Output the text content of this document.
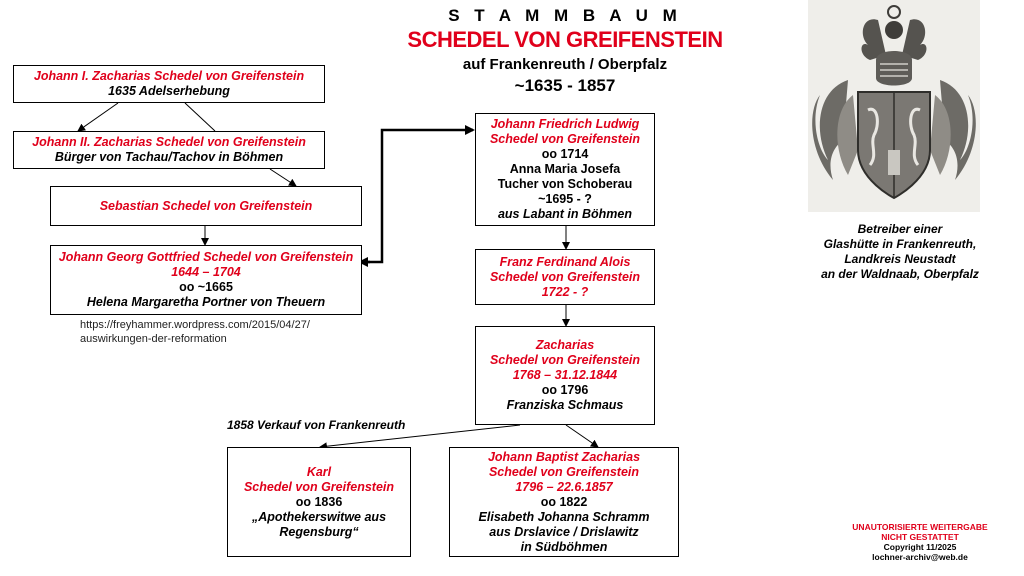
S T A M M B A U M
SCHEDEL VON GREIFENSTEIN
auf Frankenreuth / Oberpfalz
~1635 - 1857
Johann I. Zacharias Schedel von Greifenstein
1635 Adelserhebung
Johann II. Zacharias Schedel von Greifenstein
Bürger von Tachau/Tachov in Böhmen
Sebastian Schedel von Greifenstein
Johann Georg Gottfried Schedel von Greifenstein
1644 – 1704
oo ~1665
Helena Margaretha Portner von Theuern
Johann Friedrich Ludwig
Schedel von Greifenstein
oo 1714
Anna Maria Josefa
Tucher von Schoberau
~1695 - ?
aus Labant in Böhmen
Franz Ferdinand Alois
Schedel von Greifenstein
1722 - ?
Zacharias
Schedel von Greifenstein
1768 – 31.12.1844
oo 1796
Franziska Schmaus
Karl
Schedel von Greifenstein
oo 1836
„Apothekerswitwe aus
Regensburg“
Johann Baptist Zacharias
Schedel von Greifenstein
1796 – 22.6.1857
oo 1822
Elisabeth Johanna Schramm
aus Drslavice / Drislawitz
in Südböhmen
https://freyhammer.wordpress.com/2015/04/27/
auswirkungen-der-reformation
1858 Verkauf von Frankenreuth
Betreiber einer
Glashütte in Frankenreuth,
Landkreis Neustadt
an der Waldnaab, Oberpfalz
UNAUTORISIERTE WEITERGABE
NICHT GESTATTET
Copyright 11/2025
lochner-archiv@web.de
